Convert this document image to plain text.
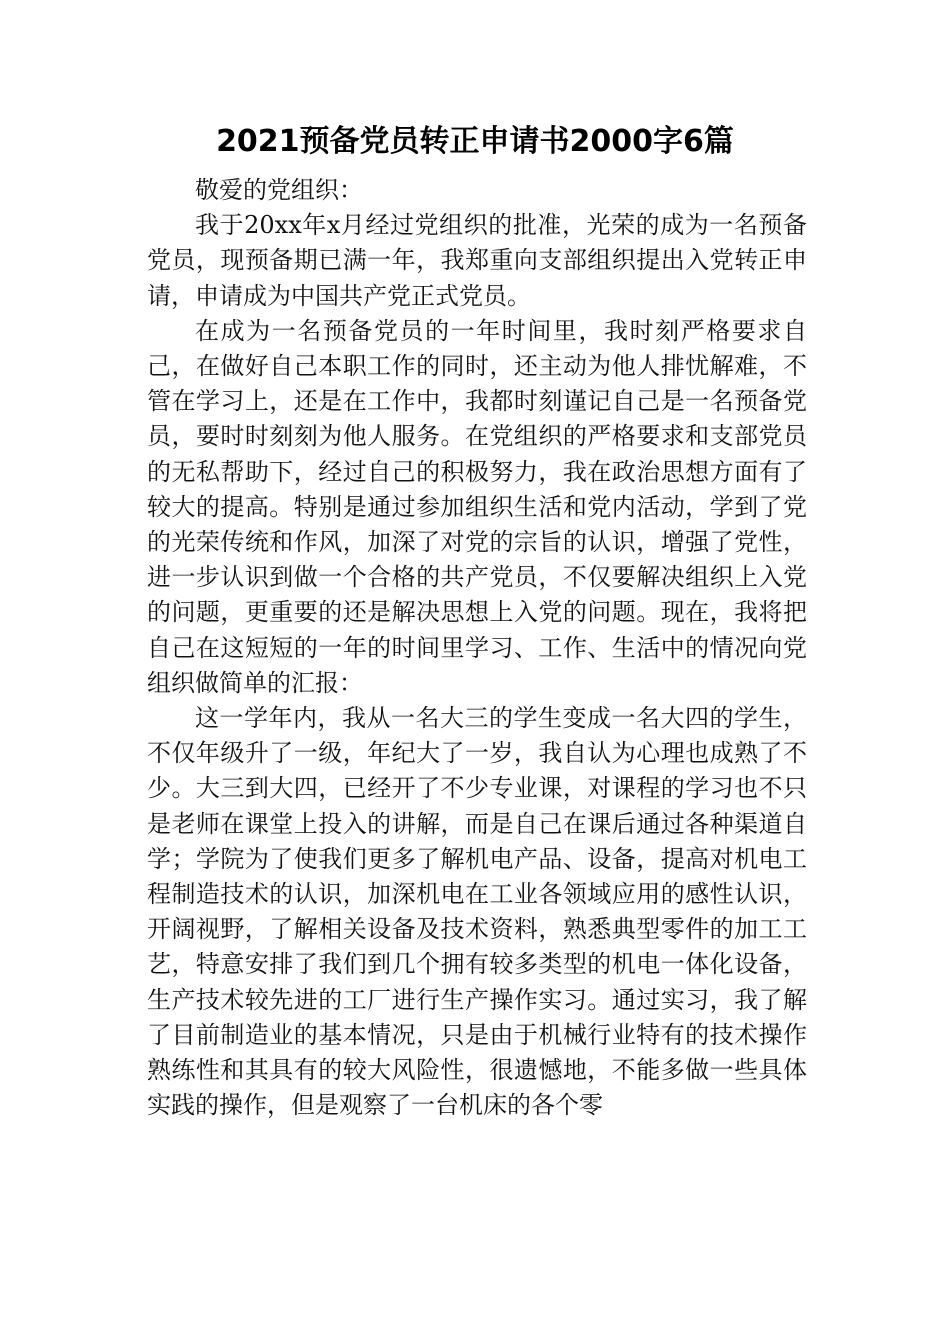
2021预备党员转正申请书2000字6篇

敬爱的党组织：

我于20xx年x月经过党组织的批准，光荣的成为一名预备党员，现预备期已满一年，我郑重向支部组织提出入党转正申请，申请成为中国共产党正式党员。

在成为一名预备党员的一年时间里，我时刻严格要求自己，在做好自己本职工作的同时，还主动为他人排忧解难，不管在学习上，还是在工作中，我都时刻谨记自己是一名预备党员，要时时刻刻为他人服务。在党组织的严格要求和支部党员的无私帮助下，经过自己的积极努力，我在政治思想方面有了较大的提高。特别是通过参加组织生活和党内活动，学到了党的光荣传统和作风，加深了对党的宗旨的认识，增强了党性，进一步认识到做一个合格的共产党员，不仅要解决组织上入党的问题，更重要的还是解决思想上入党的问题。现在，我将把自己在这短短的一年的时间里学习、工作、生活中的情况向党组织做简单的汇报：

这一学年内，我从一名大三的学生变成一名大四的学生，不仅年级升了一级，年纪大了一岁，我自认为心理也成熟了不少。大三到大四，已经开了不少专业课，对课程的学习也不只是老师在课堂上投入的讲解，而是自己在课后通过各种渠道自学；学院为了使我们更多了解机电产品、设备，提高对机电工程制造技术的认识，加深机电在工业各领域应用的感性认识，开阔视野，了解相关设备及技术资料，熟悉典型零件的加工工艺，特意安排了我们到几个拥有较多类型的机电一体化设备，生产技术较先进的工厂进行生产操作实习。通过实习，我了解了目前制造业的基本情况，只是由于机械行业特有的技术操作熟练性和其具有的较大风险性，很遗憾地，不能多做一些具体实践的操作，但是观察了一台机床的各个零
